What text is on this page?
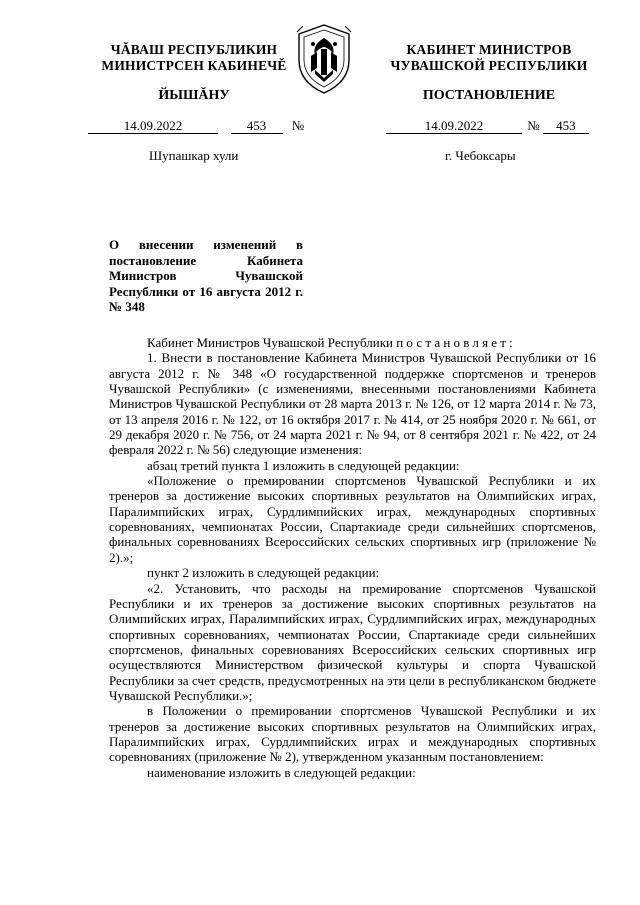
ЧĂВАШ РЕСПУБЛИКИН
МИНИСТРСЕН КАБИНЕЧĚ
ЙЫШĂНУ
КАБИНЕТ МИНИСТРОВ
ЧУВАШСКОЙ РЕСПУБЛИКИ
ПОСТАНОВЛЕНИЕ
14.09.2022	453 №	14.09.2022	№ 453
Шупашкар хули	г. Чебоксары
О внесении изменений в постановление Кабинета Министров Чувашской Республики от 16 августа 2012 г. № 348

Кабинет Министров Чувашской Республики постановляет:

1. Внести в постановление Кабинета Министров Чувашской Республики от 16 августа 2012 г. № 348 «О государственной поддержке спортсменов и тренеров Чувашской Республики» (с изменениями, внесенными постановлениями Кабинета Министров Чувашской Республики от 28 марта 2013 г. № 126, от 12 марта 2014 г. № 73, от 13 апреля 2016 г. № 122, от 16 октября 2017 г. № 414, от 25 ноября 2020 г. № 661, от 29 декабря 2020 г. № 756, от 24 марта 2021 г. № 94, от 8 сентября 2021 г. № 422, от 24 февраля 2022 г. № 56) следующие изменения:

абзац третий пункта 1 изложить в следующей редакции:

«Положение о премировании спортсменов Чувашской Республики и их тренеров за достижение высоких спортивных результатов на Олимпийских играх, Паралимпийских играх, Сурдлимпийских играх, международных спортивных соревнованиях, чемпионатах России, Спартакиаде среди сильнейших спортсменов, финальных соревнованиях Всероссийских сельских спортивных игр (приложение № 2).»;

пункт 2 изложить в следующей редакции:

«2. Установить, что расходы на премирование спортсменов Чувашской Республики и их тренеров за достижение высоких спортивных результатов на Олимпийских играх, Паралимпийских играх, Сурдлимпийских играх, международных спортивных соревнованиях, чемпионатах России, Спартакиаде среди сильнейших спортсменов, финальных соревнованиях Всероссийских сельских спортивных игр осуществляются Министерством физической культуры и спорта Чувашской Республики за счет средств, предусмотренных на эти цели в республиканском бюджете Чувашской Республики.»;

в Положении о премировании спортсменов Чувашской Республики и их тренеров за достижение высоких спортивных результатов на Олимпийских играх, Паралимпийских играх, Сурдлимпийских играх и международных спортивных соревнованиях (приложение № 2), утвержденном указанным постановлением:

наименование изложить в следующей редакции:
